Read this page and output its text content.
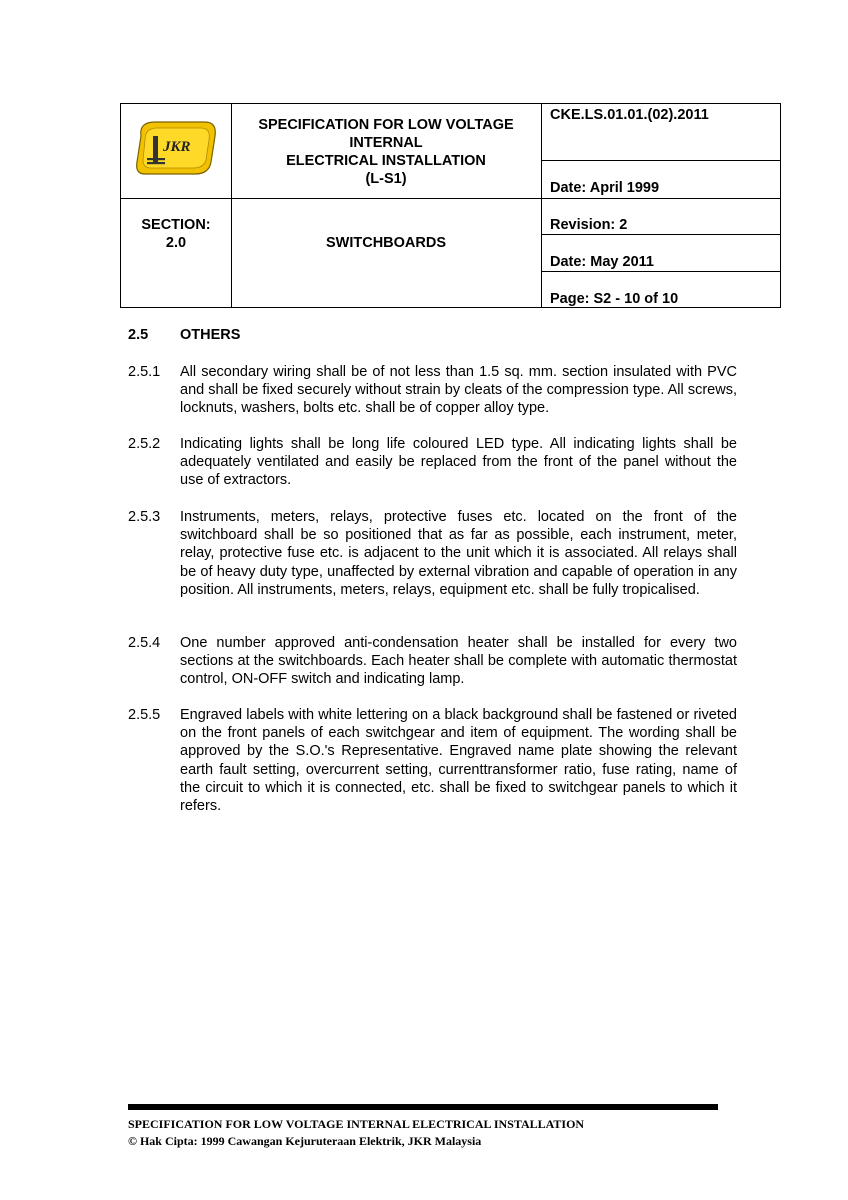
JKR
SPECIFICATION FOR LOW VOLTAGE
INTERNAL
ELECTRICAL INSTALLATION
(L-S1)
CKE.LS.01.01.(02).2011
Date: April 1999
Revision: 2
Date: May 2011
Page: S2 - 10 of 10
SECTION:
2.0	SWITCHBOARDS
2.5 OTHERS
2.5.1 All secondary wiring shall be of not less than 1.5 sq. mm. section insulated with PVC and shall be fixed securely without strain by cleats of the compression type. All screws, locknuts, washers, bolts etc. shall be of copper alloy type.
2.5.2 Indicating lights shall be long life coloured LED type. All indicating lights shall be adequately ventilated and easily be replaced from the front of the panel without the use of extractors.
2.5.3 Instruments, meters, relays, protective fuses etc. located on the front of the switchboard shall be so positioned that as far as possible, each instrument, meter, relay, protective fuse etc. is adjacent to the unit which it is associated. All relays shall be of heavy duty type, unaffected by external vibration and capable of operation in any position. All instruments, meters, relays, equipment etc. shall be fully tropicalised.
2.5.4 One number approved anti-condensation heater shall be installed for every two sections at the switchboards. Each heater shall be complete with automatic thermostat control, ON-OFF switch and indicating lamp.
2.5.5 Engraved labels with white lettering on a black background shall be fastened or riveted on the front panels of each switchgear and item of equipment. The wording shall be approved by the S.O.'s Representative. Engraved name plate showing the relevant earth fault setting, overcurrent setting, currenttransformer ratio, fuse rating, name of the circuit to which it is connected, etc. shall be fixed to switchgear panels to which it refers.
SPECIFICATION FOR LOW VOLTAGE INTERNAL ELECTRICAL INSTALLATION
© Hak Cipta: 1999 Cawangan Kejuruteraan Elektrik, JKR Malaysia
